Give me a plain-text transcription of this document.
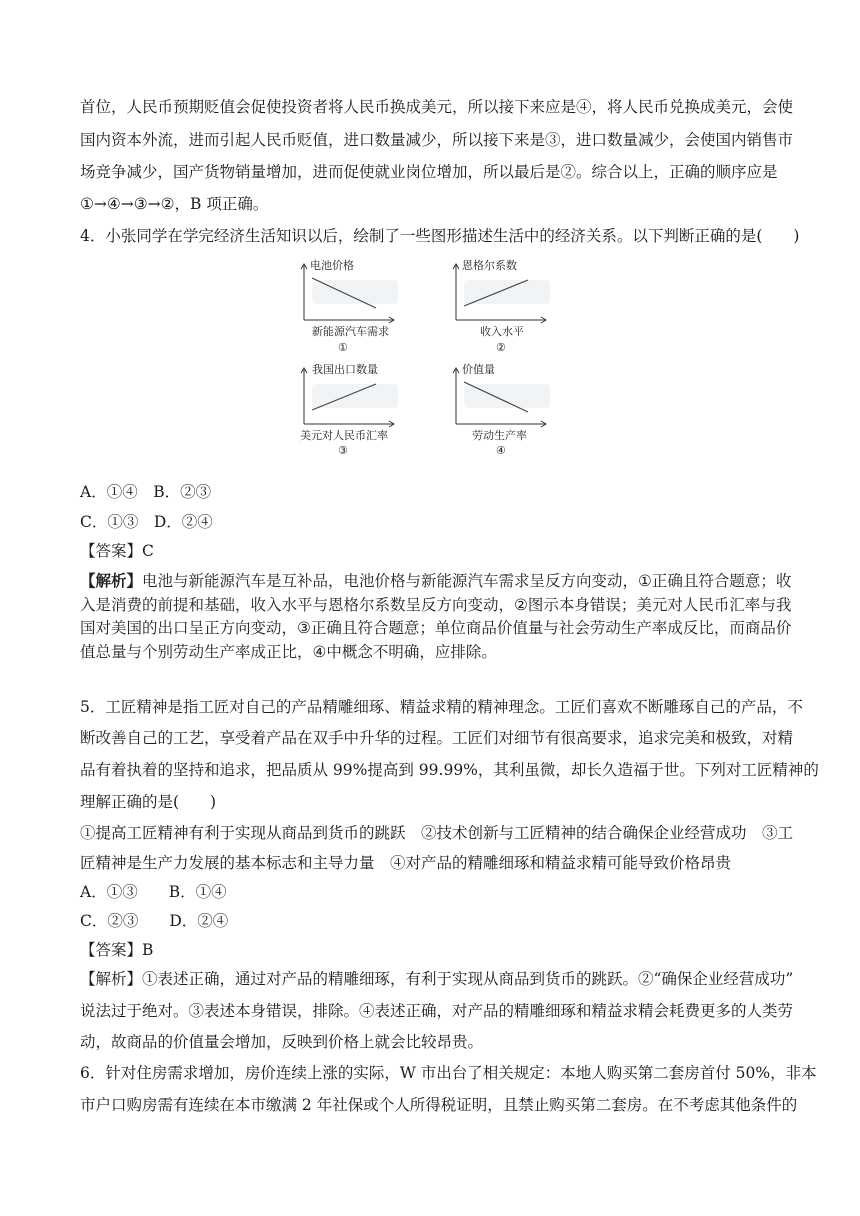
首位，人民币预期贬值会促使投资者将人民币换成美元，所以接下来应是④，将人民币兑换成美元，会使

国内资本外流，进而引起人民币贬值，进口数量减少，所以接下来是③，进口数量减少，会使国内销售市

场竞争减少，国产货物销量增加，进而促使就业岗位增加，所以最后是②。综合以上，正确的顺序应是

①→④→③→②，B 项正确。

4．小张同学在学完经济生活知识以后，绘制了一些图形描述生活中的经济关系。以下判断正确的是(　　)

电池价格
新能源汽车需求
①
恩格尔系数
收入水平
②
我国出口数量
美元对人民币汇率
③
价值量
劳动生产率
④

A．①④　B．②③

C．①③　D．②④

【答案】C

【解析】电池与新能源汽车是互补品，电池价格与新能源汽车需求呈反方向变动，①正确且符合题意；收
入是消费的前提和基础，收入水平与恩格尔系数呈反方向变动，②图示本身错误；美元对人民币汇率与我
国对美国的出口呈正方向变动，③正确且符合题意；单位商品价值量与社会劳动生产率成反比，而商品价
值总量与个别劳动生产率成正比，④中概念不明确，应排除。

5．工匠精神是指工匠对自己的产品精雕细琢、精益求精的精神理念。工匠们喜欢不断雕琢自己的产品，不

断改善自己的工艺，享受着产品在双手中升华的过程。工匠们对细节有很高要求，追求完美和极致，对精

品有着执着的坚持和追求，把品质从 99%提高到 99.99%，其利虽微，却长久造福于世。下列对工匠精神的

理解正确的是(　　)

①提高工匠精神有利于实现从商品到货币的跳跃　②技术创新与工匠精神的结合确保企业经营成功　③工

匠精神是生产力发展的基本标志和主导力量　④对产品的精雕细琢和精益求精可能导致价格昂贵

A．①③　　B．①④

C．②③　　D．②④

【答案】B

【解析】①表述正确，通过对产品的精雕细琢，有利于实现从商品到货币的跳跃。②“确保企业经营成功”

说法过于绝对。③表述本身错误，排除。④表述正确，对产品的精雕细琢和精益求精会耗费更多的人类劳

动，故商品的价值量会增加，反映到价格上就会比较昂贵。

6．针对住房需求增加，房价连续上涨的实际，W 市出台了相关规定：本地人购买第二套房首付 50%，非本

市户口购房需有连续在本市缴满 2 年社保或个人所得税证明，且禁止购买第二套房。在不考虑其他条件的
